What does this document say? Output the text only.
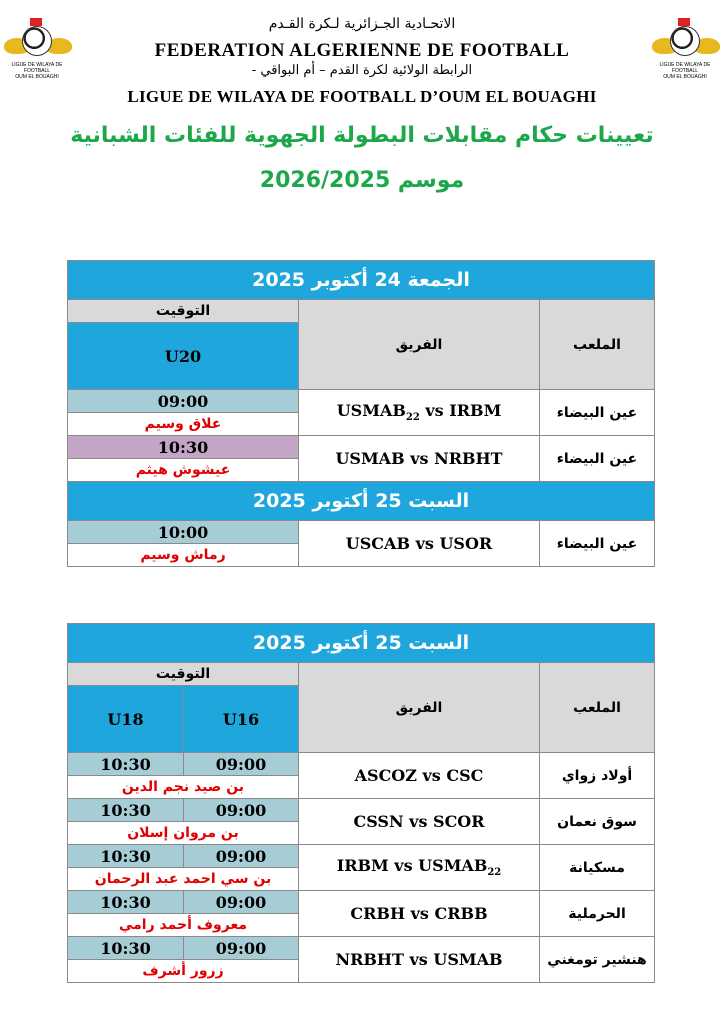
LIGUE DE WILAYA DE FOOTBALL
OUM EL BOUAGHI
LIGUE DE WILAYA DE FOOTBALL
OUM EL BOUAGHI
الاتحـادية الجـزائرية لـكرة القـدم
FEDERATION ALGERIENNE DE FOOTBALL
الرابطة الولائية لكرة القدم – أم البواقي -
LIGUE DE WILAYA DE FOOTBALL D’OUM EL BOUAGHI
تعيينات حكام مقابلات البطولة الجهوية للفئات الشبانية
موسم 2026/2025
الجمعة 24 أكتوبر 2025		
التوقيت	الفريق	الملعب
U20		
09:00	$USMAB_{22}$ vs IRBM	عين البيضاء
علاق وسيم		
10:30	USMAB vs NRBHT	عين البيضاء
عيشوش هيثم		
السبت 25 أكتوبر 2025		
10:00	USCAB vs USOR	عين البيضاء
رماش وسيم		
السبت 25 أكتوبر 2025			
التوقيت		الفريق	الملعب
U18	U16		
10:30	09:00	ASCOZ vs CSC	أولاد زواي
بن صيد نجم الدين			
10:30	09:00	CSSN vs SCOR	سوق نعمان
بن مروان إسلان			
10:30	09:00	IRBM vs $USMAB_{22}$	مسكيانة
بن سي احمد عبد الرحمان			
10:30	09:00	CRBH vs CRBB	الحرملية
معروف أحمد رامي			
10:30	09:00	NRBHT vs USMAB	هنشير تومغني
زرور أشرف			
